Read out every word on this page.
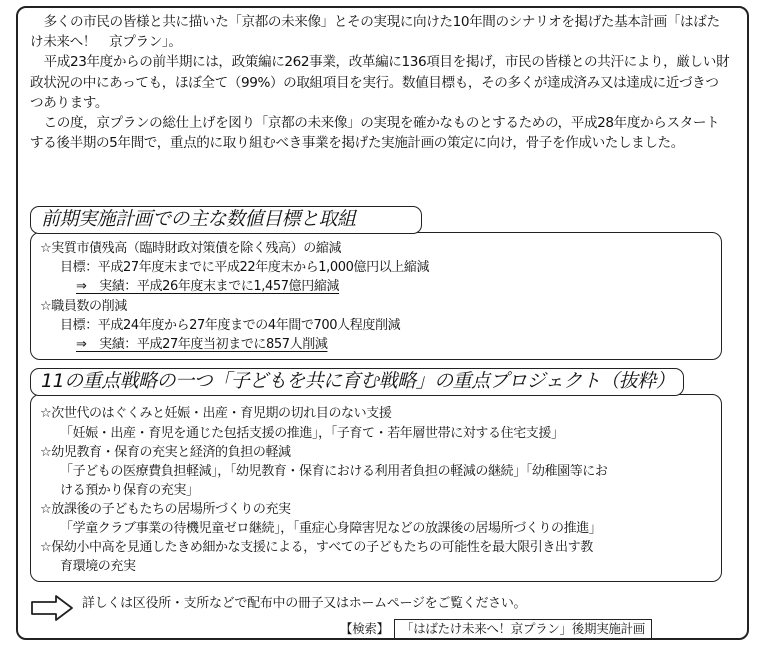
多くの市民の皆様と共に描いた「京都の未来像」とその実現に向けた10年間のシナリオを掲げた基本計画「はばたけ未来へ！　京プラン」。

平成23年度からの前半期には，政策編に262事業，改革編に136項目を掲げ，市民の皆様との共汗により，厳しい財政状況の中にあっても，ほぼ全て（99%）の取組項目を実行。数値目標も，その多くが達成済み又は達成に近づきつつあります。

この度，京プランの総仕上げを図り「京都の未来像」の実現を確かなものとするための，平成28年度からスタートする後半期の5年間で，重点的に取り組むべき事業を掲げた実施計画の策定に向け，骨子を作成いたしました。

前期実施計画での主な数値目標と取組
☆実質市債残高（臨時財政対策債を除く残高）の縮減
目標：平成27年度末までに平成22年度末から1,000億円以上縮減
⇒　実績：平成26年度末までに1,457億円縮減
☆職員数の削減
目標：平成24年度から27年度までの4年間で700人程度削減
⇒　実績：平成27年度当初までに857人削減
11の重点戦略の一つ「子どもを共に育む戦略」の重点プロジェクト（抜粋）
☆次世代のはぐくみと妊娠・出産・育児期の切れ目のない支援
「妊娠・出産・育児を通じた包括支援の推進」，「子育て・若年層世帯に対する住宅支援」
☆幼児教育・保育の充実と経済的負担の軽減
「子どもの医療費負担軽減」，「幼児教育・保育における利用者負担の軽減の継続」「幼稚園等にお
ける預かり保育の充実」
☆放課後の子どもたちの居場所づくりの充実
「学童クラブ事業の待機児童ゼロ継続」，「重症心身障害児などの放課後の居場所づくりの推進」
☆保幼小中高を見通したきめ細かな支援による，すべての子どもたちの可能性を最大限引き出す教
育環境の充実
詳しくは区役所・支所などで配布中の冊子又はホームページをご覧ください。
【検索】 「はばたけ未来へ！京プラン」後期実施計画
